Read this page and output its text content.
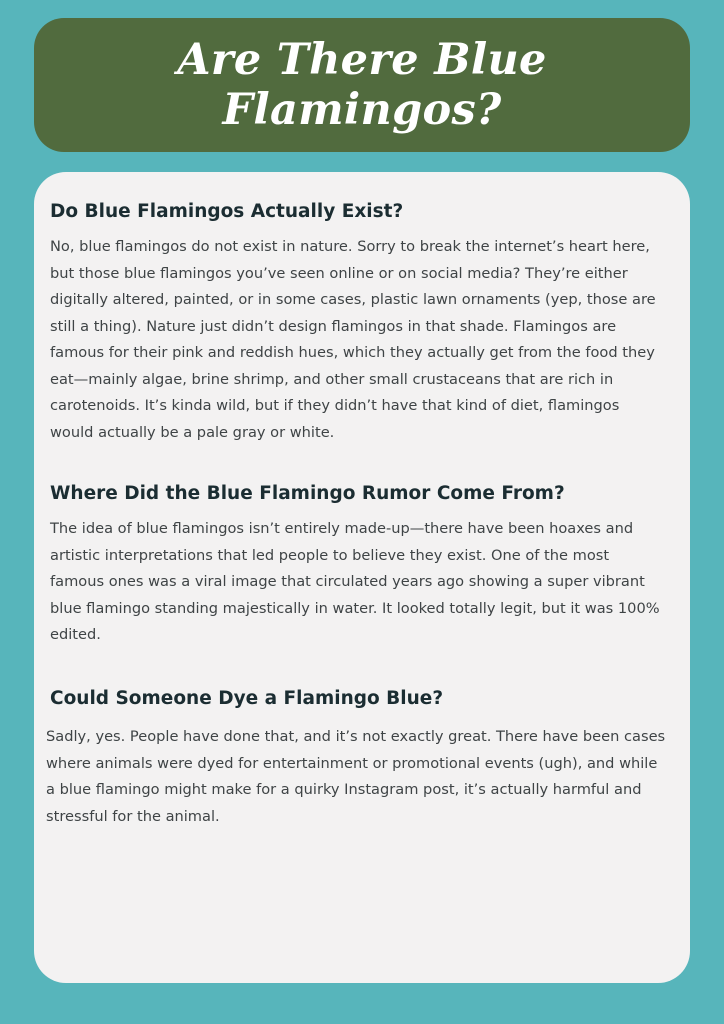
Are There Blue Flamingos?
Do Blue Flamingos Actually Exist?

No, blue flamingos do not exist in nature. Sorry to break the internet’s heart here, but those blue flamingos you’ve seen online or on social media? They’re either digitally altered, painted, or in some cases, plastic lawn ornaments (yep, those are still a thing). Nature just didn’t design flamingos in that shade. Flamingos are famous for their pink and reddish hues, which they actually get from the food they eat—mainly algae, brine shrimp, and other small crustaceans that are rich in carotenoids. It’s kinda wild, but if they didn’t have that kind of diet, flamingos would actually be a pale gray or white.

Where Did the Blue Flamingo Rumor Come From?

The idea of blue flamingos isn’t entirely made-up—there have been hoaxes and artistic interpretations that led people to believe they exist. One of the most famous ones was a viral image that circulated years ago showing a super vibrant blue flamingo standing majestically in water. It looked totally legit, but it was 100% edited.

Could Someone Dye a Flamingo Blue?

Sadly, yes. People have done that, and it’s not exactly great. There have been cases where animals were dyed for entertainment or promotional events (ugh), and while a blue flamingo might make for a quirky Instagram post, it’s actually harmful and stressful for the animal.
